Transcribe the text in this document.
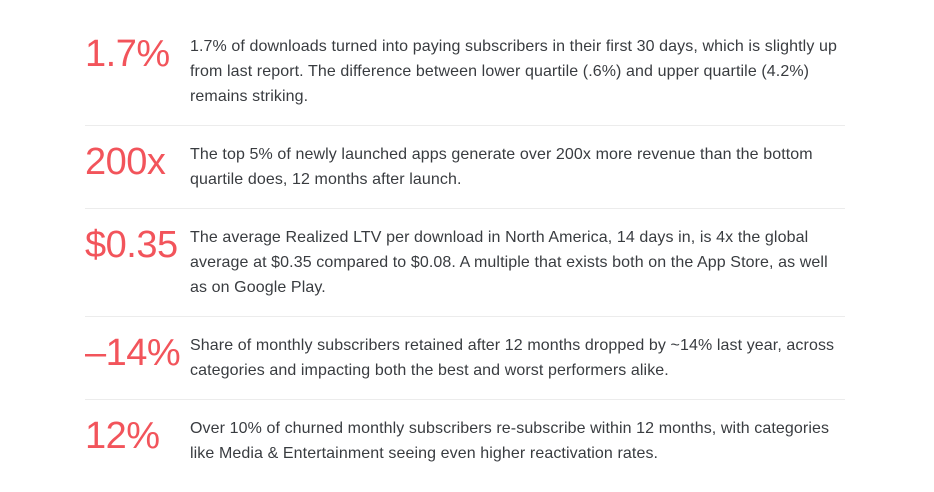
1.7%	1.7% of downloads turned into paying subscribers in their first 30 days, which is slightly up from last report. The difference between lower quartile (.6%) and upper quartile (4.2%) remains striking.
200x	The top 5% of newly launched apps generate over 200x more revenue than the bottom quartile does, 12 months after launch.
$0.35 The average Realized LTV per download in North America, 14 days in, is 4x the global average at $0.35 compared to $0.08. A multiple that exists both on the App Store, as well as on Google Play.
–14% Share of monthly subscribers retained after 12 months dropped by ~14% last year, across categories and impacting both the best and worst performers alike.
12%	Over 10% of churned monthly subscribers re-subscribe within 12 months, with categories like Media & Entertainment seeing even higher reactivation rates.
